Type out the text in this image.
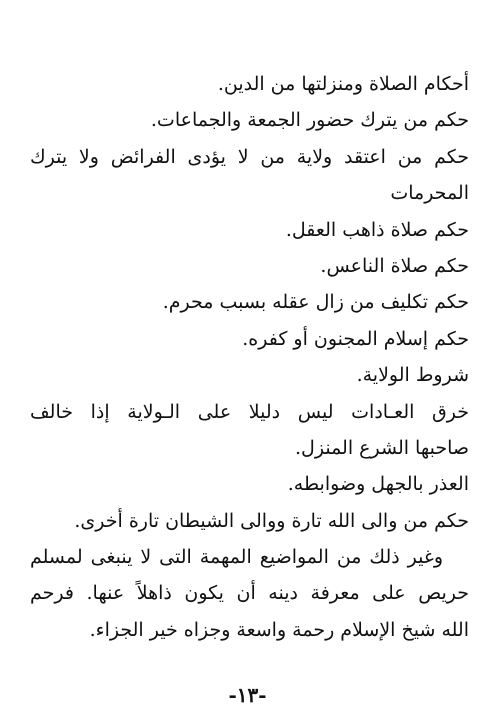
أحكام الصلاة ومنزلتها من الدين.
حكم من يترك حضور الجمعة والجماعات.
حكم من اعتقد ولاية من لا يؤدى الفرائض ولا يترك
المحرمات
حكم صلاة ذاهب العقل.
حكم صلاة الناعس.
حكم تكليف من زال عقله بسبب محرم.
حكم إسلام المجنون أو كفره.
شروط الولاية.
خرق العـادات ليس دليلا على الـولاية إذا خالف
صاحبها الشرع المنزل.
العذر بالجهل وضوابطه.
حكم من والى الله تارة ووالى الشيطان تارة أخرى.
وغير ذلك من المواضيع المهمة التى لا ينبغى لمسلم
حريص على معرفة دينه أن يكون ذاهلاً عنها. فرحم
الله شيخ الإسلام رحمة واسعة وجزاه خير الجزاء.
-١٣-
